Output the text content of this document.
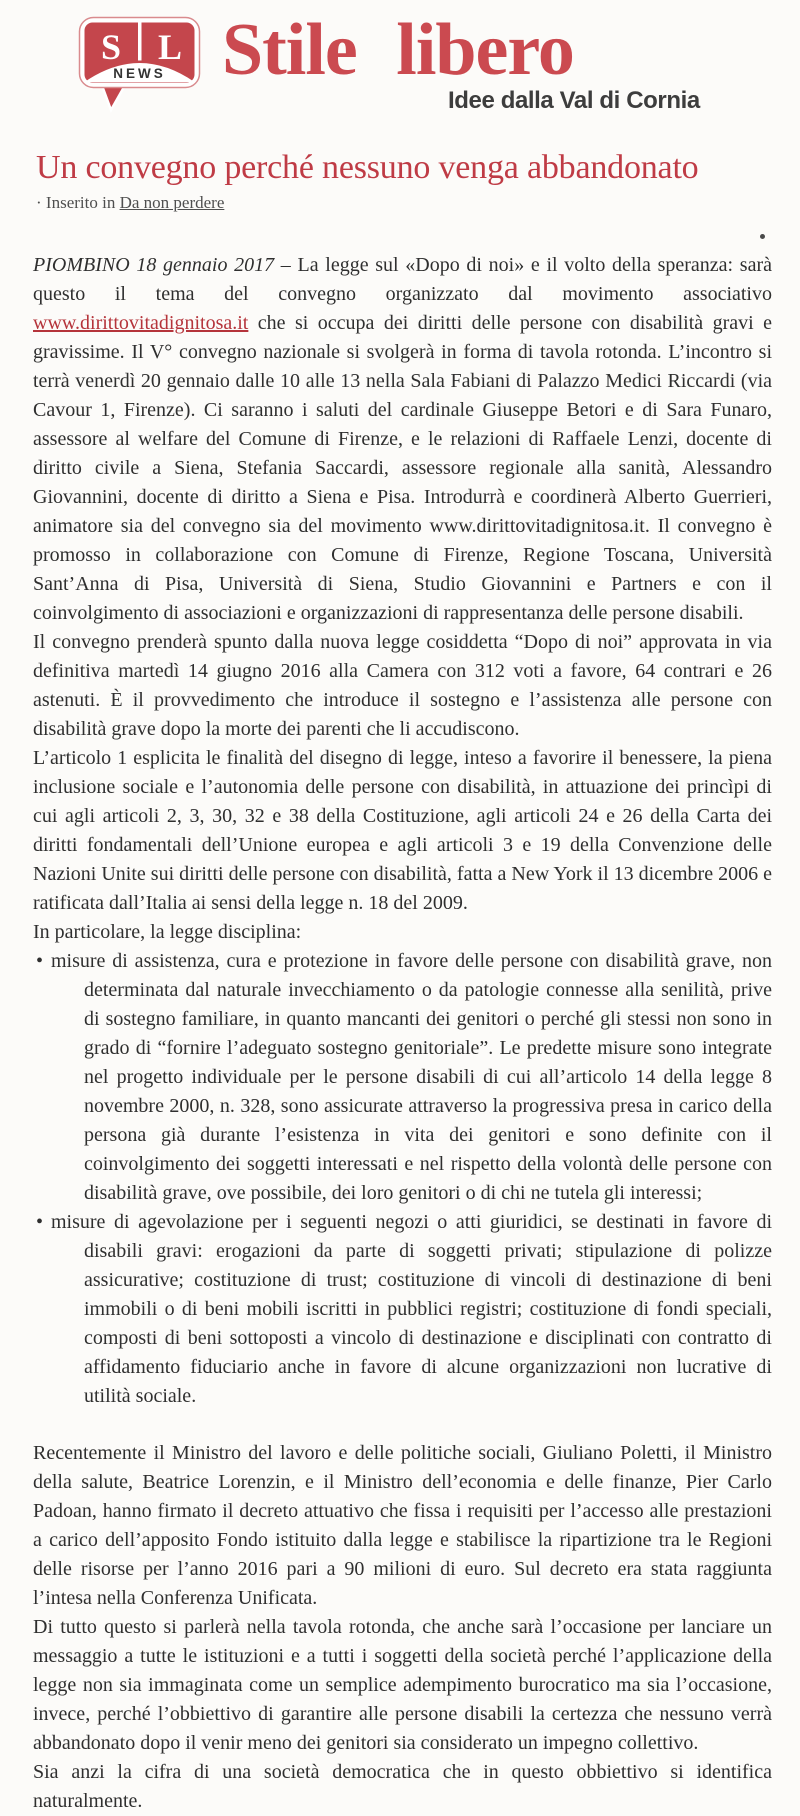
S L
NEWS Stile libero
Idee dalla Val di Cornia
Un convegno perché nessuno venga abbandonato
· Inserito in Da non perdere

PIOMBINO 18 gennaio 2017 – La legge sul «Dopo di noi» e il volto della speranza: sarà questo il tema del convegno organizzato dal movimento associativo www.dirittovitadignitosa.it che si occupa dei diritti delle persone con disabilità gravi e gravissime. Il V° convegno nazionale si svolgerà in forma di tavola rotonda. L’incontro si terrà venerdì 20 gennaio dalle 10 alle 13 nella Sala Fabiani di Palazzo Medici Riccardi (via Cavour 1, Firenze). Ci saranno i saluti del cardinale Giuseppe Betori e di Sara Funaro, assessore al welfare del Comune di Firenze, e le relazioni di Raffaele Lenzi, docente di diritto civile a Siena, Stefania Saccardi, assessore regionale alla sanità, Alessandro Giovannini, docente di diritto a Siena e Pisa. Introdurrà e coordinerà Alberto Guerrieri, animatore sia del convegno sia del movimento www.dirittovitadignitosa.it. Il convegno è promosso in collaborazione con Comune di Firenze, Regione Toscana, Università Sant’Anna di Pisa, Università di Siena, Studio Giovannini e Partners e con il coinvolgimento di associazioni e organizzazioni di rappresentanza delle persone disabili.

Il convegno prenderà spunto dalla nuova legge cosiddetta “Dopo di noi” approvata in via definitiva martedì 14 giugno 2016 alla Camera con 312 voti a favore, 64 contrari e 26 astenuti. È il provvedimento che introduce il sostegno e l’assistenza alle persone con disabilità grave dopo la morte dei parenti che li accudiscono.

L’articolo 1 esplicita le finalità del disegno di legge, inteso a favorire il benessere, la piena inclusione sociale e l’autonomia delle persone con disabilità, in attuazione dei princìpi di cui agli articoli 2, 3, 30, 32 e 38 della Costituzione, agli articoli 24 e 26 della Carta dei diritti fondamentali dell’Unione europea e agli articoli 3 e 19 della Convenzione delle Nazioni Unite sui diritti delle persone con disabilità, fatta a New York il 13 dicembre 2006 e ratificata dall’Italia ai sensi della legge n. 18 del 2009.

In particolare, la legge disciplina:

• misure di assistenza, cura e protezione in favore delle persone con disabilità grave, non determinata dal naturale invecchiamento o da patologie connesse alla senilità, prive di sostegno familiare, in quanto mancanti dei genitori o perché gli stessi non sono in grado di “fornire l’adeguato sostegno genitoriale”. Le predette misure sono integrate nel progetto individuale per le persone disabili di cui all’articolo 14 della legge 8 novembre 2000, n. 328, sono assicurate attraverso la progressiva presa in carico della persona già durante l’esistenza in vita dei genitori e sono definite con il coinvolgimento dei soggetti interessati e nel rispetto della volontà delle persone con disabilità grave, ove possibile, dei loro genitori o di chi ne tutela gli interessi;
• misure di agevolazione per i seguenti negozi o atti giuridici, se destinati in favore di disabili gravi: erogazioni da parte di soggetti privati; stipulazione di polizze assicurative; costituzione di trust; costituzione di vincoli di destinazione di beni immobili o di beni mobili iscritti in pubblici registri; costituzione di fondi speciali, composti di beni sottoposti a vincolo di destinazione e disciplinati con contratto di affidamento fiduciario anche in favore di alcune organizzazioni non lucrative di utilità sociale.

Recentemente il Ministro del lavoro e delle politiche sociali, Giuliano Poletti, il Ministro della salute, Beatrice Lorenzin, e il Ministro dell’economia e delle finanze, Pier Carlo Padoan, hanno firmato il decreto attuativo che fissa i requisiti per l’accesso alle prestazioni a carico dell’apposito Fondo istituito dalla legge e stabilisce la ripartizione tra le Regioni delle risorse per l’anno 2016 pari a 90 milioni di euro. Sul decreto era stata raggiunta l’intesa nella Conferenza Unificata.

Di tutto questo si parlerà nella tavola rotonda, che anche sarà l’occasione per lanciare un messaggio a tutte le istituzioni e a tutti i soggetti della società perché l’applicazione della legge non sia immaginata come un semplice adempimento burocratico ma sia l’occasione, invece, perché l’obbiettivo di garantire alle persone disabili la certezza che nessuno verrà abbandonato dopo il venir meno dei genitori sia considerato un impegno collettivo.

Sia anzi la cifra di una società democratica che in questo obbiettivo si identifica naturalmente.
